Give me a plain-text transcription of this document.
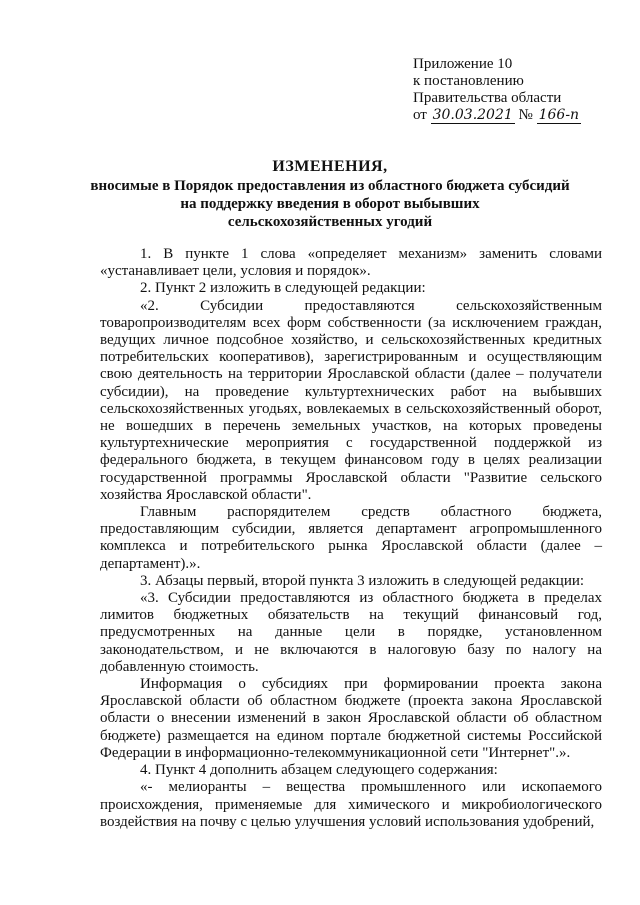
Приложение 10
к постановлению
Правительства области
от 30.03.2021 № 166-п
ИЗМЕНЕНИЯ,
вносимые в Порядок предоставления из областного бюджета субсидий
на поддержку введения в оборот выбывших
сельскохозяйственных угодий

1. В пункте 1 слова «определяет механизм» заменить словами «устанавливает цели, условия и порядок».

2. Пункт 2 изложить в следующей редакции:

«2. Субсидии предоставляются сельскохозяйственным товаропроизводителям всех форм собственности (за исключением граждан, ведущих личное подсобное хозяйство, и сельскохозяйственных кредитных потребительских кооперативов), зарегистрированным и осуществляющим свою деятельность на территории Ярославской области (далее – получатели субсидии), на проведение культуртехнических работ на выбывших сельскохозяйственных угодьях, вовлекаемых в сельскохозяйственный оборот, не вошедших в перечень земельных участков, на которых проведены культуртехнические мероприятия с государственной поддержкой из федерального бюджета, в текущем финансовом году в целях реализации государственной программы Ярославской области "Развитие сельского хозяйства Ярославской области".

Главным распорядителем средств областного бюджета, предоставляющим субсидии, является департамент агропромышленного комплекса и потребительского рынка Ярославской области (далее – департамент).».

3. Абзацы первый, второй пункта 3 изложить в следующей редакции:

«3. Субсидии предоставляются из областного бюджета в пределах лимитов бюджетных обязательств на текущий финансовый год, предусмотренных на данные цели в порядке, установленном законодательством, и не включаются в налоговую базу по налогу на добавленную стоимость.

Информация о субсидиях при формировании проекта закона Ярославской области об областном бюджете (проекта закона Ярославской области о внесении изменений в закон Ярославской области об областном бюджете) размещается на едином портале бюджетной системы Российской Федерации в информационно-телекоммуникационной сети "Интернет".».

4. Пункт 4 дополнить абзацем следующего содержания:

«- мелиоранты – вещества промышленного или ископаемого происхождения, применяемые для химического и микробиологического воздействия на почву с целью улучшения условий использования удобрений,
